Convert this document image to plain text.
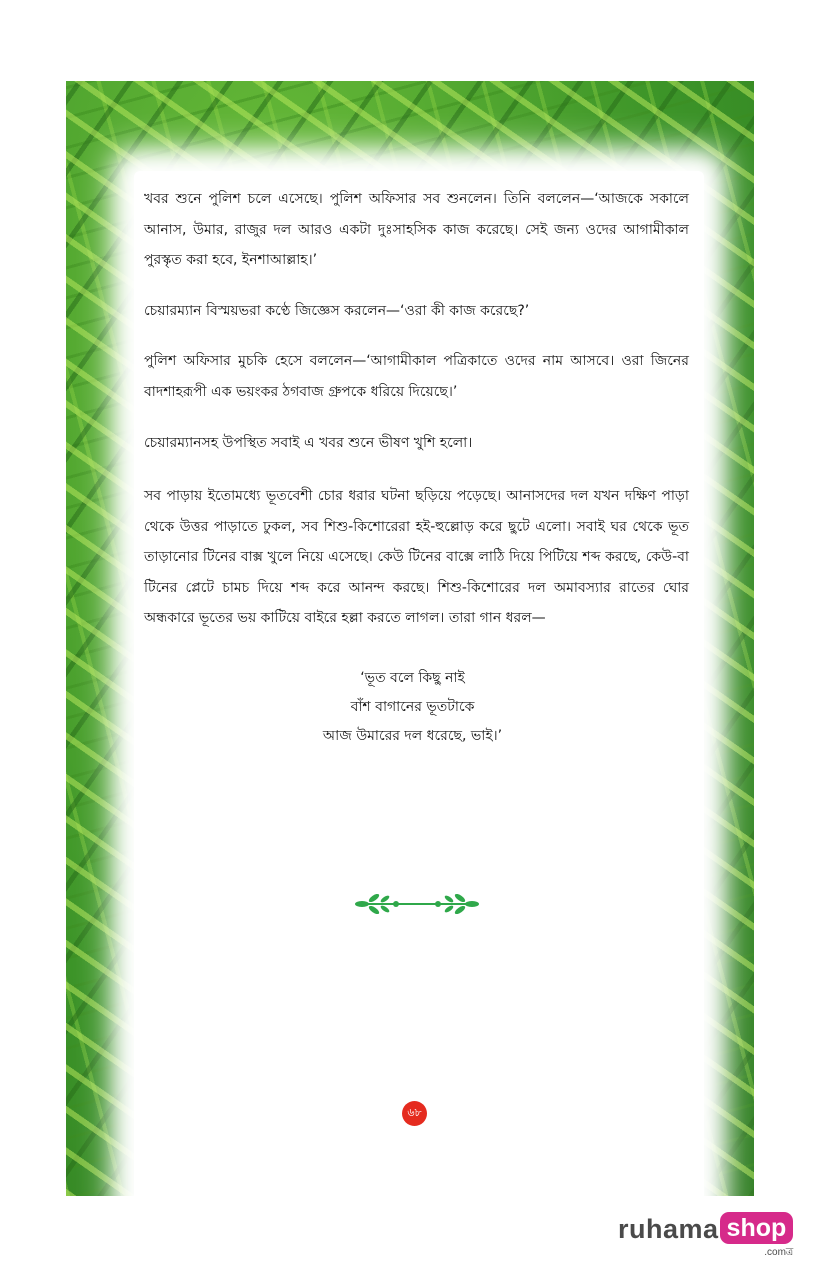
খবর শুনে পুলিশ চলে এসেছে। পুলিশ অফিসার সব শুনলেন। তিনি বললেন—‘আজকে সকালে আনাস, উমার, রাজুর দল আরও একটা দুঃসাহসিক কাজ করেছে। সেই জন্য ওদের আগামীকাল পুরস্কৃত করা হবে, ইনশাআল্লাহ।’
চেয়ারম্যান বিস্ময়ভরা কণ্ঠে জিজ্ঞেস করলেন—‘ওরা কী কাজ করেছে?’
পুলিশ অফিসার মুচকি হেসে বললেন—‘আগামীকাল পত্রিকাতে ওদের নাম আসবে। ওরা জিনের বাদশাহরূপী এক ভয়ংকর ঠগবাজ গ্রুপকে ধরিয়ে দিয়েছে।’
চেয়ারম্যানসহ উপস্থিত সবাই এ খবর শুনে ভীষণ খুশি হলো।
সব পাড়ায় ইতোমধ্যে ভূতবেশী চোর ধরার ঘটনা ছড়িয়ে পড়েছে। আনাসদের দল যখন দক্ষিণ পাড়া থেকে উত্তর পাড়াতে ঢুকল, সব শিশু-কিশোরেরা হই-হুল্লোড় করে ছুটে এলো। সবাই ঘর থেকে ভূত তাড়ানোর টিনের বাক্স খুলে নিয়ে এসেছে। কেউ টিনের বাক্সে লাঠি দিয়ে পিটিয়ে শব্দ করছে, কেউ-বা টিনের প্লেটে চামচ দিয়ে শব্দ করে আনন্দ করছে। শিশু-কিশোরের দল অমাবস্যার রাতের ঘোর অন্ধকারে ভূতের ভয় কাটিয়ে বাইরে হল্লা করতে লাগল। তারা গান ধরল—
‘ভূত বলে কিছু নাই
বাঁশ বাগানের ভূতটাকে
আজ উমারের দল ধরেছে, ভাই।’
৬৮
ruhama shop
.comত্র
